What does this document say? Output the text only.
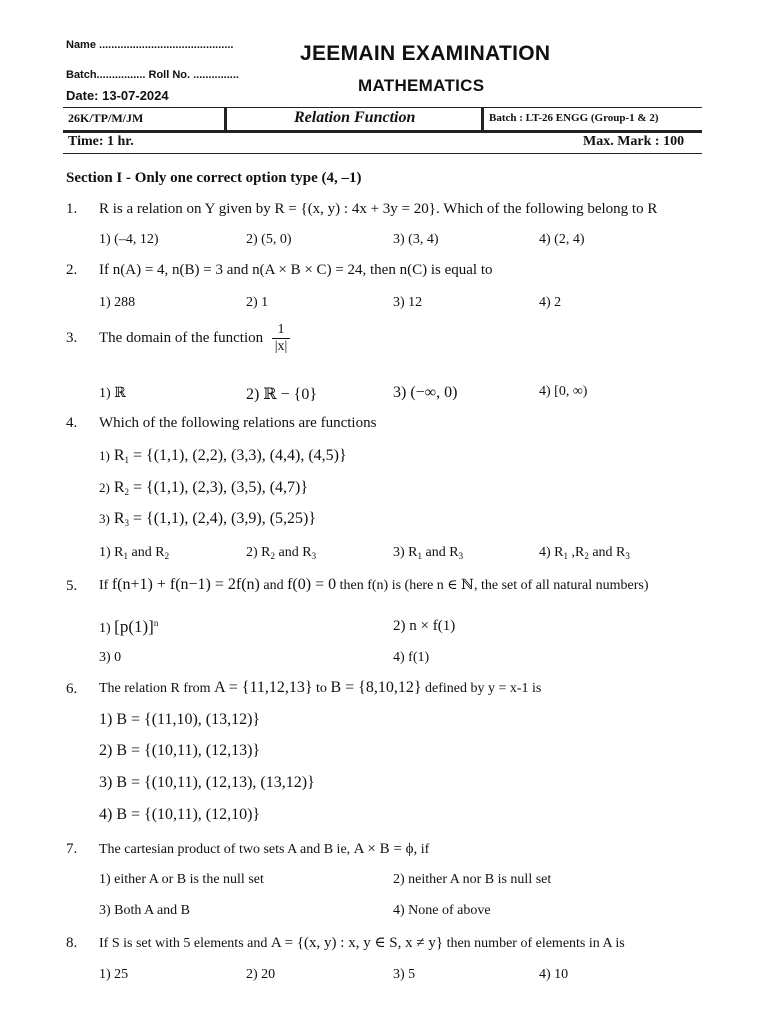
Name ............................................
Batch................ Roll No. ...............
Date: 13-07-2024
JEEMAIN EXAMINATION
MATHEMATICS
26K/TP/M/JM	Relation Function	Batch : LT-26 ENGG (Group-1 & 2)
Time: 1 hr.	Max. Mark : 100
Section I - Only one correct option type (4, –1)
1. R is a relation on Y given by R = {(x, y) : 4x + 3y = 20}. Which of the following belong to R
1) (–4, 12)	2) (5, 0)	3) (3, 4)	4) (2, 4)
2. If n(A) = 4, n(B) = 3 and n(A × B × C) = 24, then n(C) is equal to
1) 288	2) 1	3) 12	4) 2
3. The domain of the function $\frac{1}{|x|}$
1) ℝ	2) ℝ − {0}	3) (−∞, 0)	4) [0, ∞)
4. Which of the following relations are functions
1) $R_1 = \{(1,1)$, (2,2), (3,3), (4,4), (4,5)}
2) $R_2 = \{(1,1)$, (2,3), (3,5), (4,7)}
3) $R_3 = \{(1,1)$, (2,4), (3,9), (5,25)}
1) $R_1$ and $R_2$	2) $R_2$ and $R_3$	3) $R_1$ and $R_3$	4) $R_1$ $,R_2$ and $R_3$
5. If f(n+1) + f(n−1) = 2f(n) and f(0) = 0 then f(n) is (here n ∈ ℕ, the set of all natural numbers)
1) $[p(1)]^n$	2) n × f(1)
3) 0	4) f(1)
6. The relation R from A = {11,12,13} to B = {8,10,12} defined by y = x-1 is
1) B = {(11,10), (13,12)}
2) B = {(10,11), (12,13)}
3) B = {(10,11), (12,13), (13,12)}
4) B = {(10,11), (12,10)}
7. The cartesian product of two sets A and B ie, A × B = ϕ, if
1) either A or B is the null set	2) neither A nor B is null set
3) Both A and B	4) None of above
8. If S is set with 5 elements and A = {(x, y) : x, y ∈ S, x ≠ y} then number of elements in A is
1) 25	2) 20	3) 5	4) 10
